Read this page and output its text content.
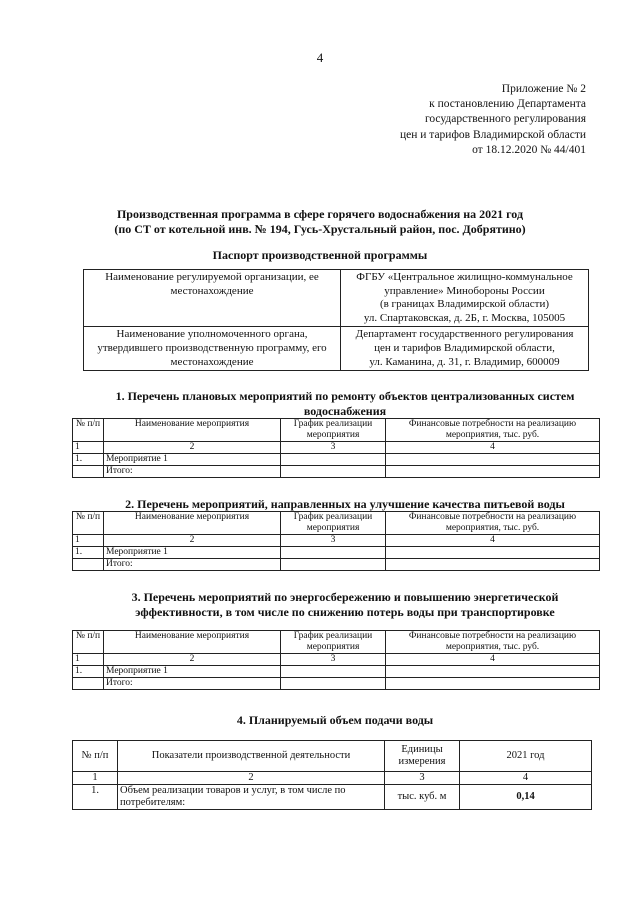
4
Приложение № 2
к постановлению Департамента
государственного регулирования
цен и тарифов Владимирской области
от 18.12.2020 № 44/401
Производственная программа в сфере горячего водоснабжения на 2021 год
(по СТ от котельной инв. № 194, Гусь-Хрустальный район, пос. Добрятино)
Паспорт производственной программы
Наименование регулируемой организации, ее местонахождение	ФГБУ «Центральное жилищно-коммунальное
управление» Минобороны России
(в границах Владимирской области)
ул. Спартаковская, д. 2Б, г. Москва, 105005

Наименование уполномоченного органа, утвердившего производственную программу, его местонахождение	Департамент государственного регулирования
цен и тарифов Владимирской области,
ул. Каманина, д. 31, г. Владимир, 600009
1. Перечень плановых мероприятий по ремонту объектов централизованных систем водоснабжения
№ п/п	Наименование мероприятия	График реализации мероприятия	Финансовые потребности на реализацию мероприятия, тыс. руб.
1	2	3	4
1.	Мероприятие 1		
	Итого:		
2. Перечень мероприятий, направленных на улучшение качества питьевой воды
№ п/п	Наименование мероприятия	График реализации мероприятия	Финансовые потребности на реализацию мероприятия, тыс. руб.
1	2	3	4
1.	Мероприятие 1		
	Итого:		
3. Перечень мероприятий по энергосбережению и повышению энергетической
эффективности, в том числе по снижению потерь воды при транспортировке
№ п/п	Наименование мероприятия	График реализации мероприятия	Финансовые потребности на реализацию мероприятия, тыс. руб.
1	2	3	4
1.	Мероприятие 1		
	Итого:		
4. Планируемый объем подачи воды
№ п/п	Показатели производственной деятельности	Единицы измерения	2021 год
1	2	3	4
1.	Объем реализации товаров и услуг, в том числе по потребителям:	тыс. куб. м	0,14
